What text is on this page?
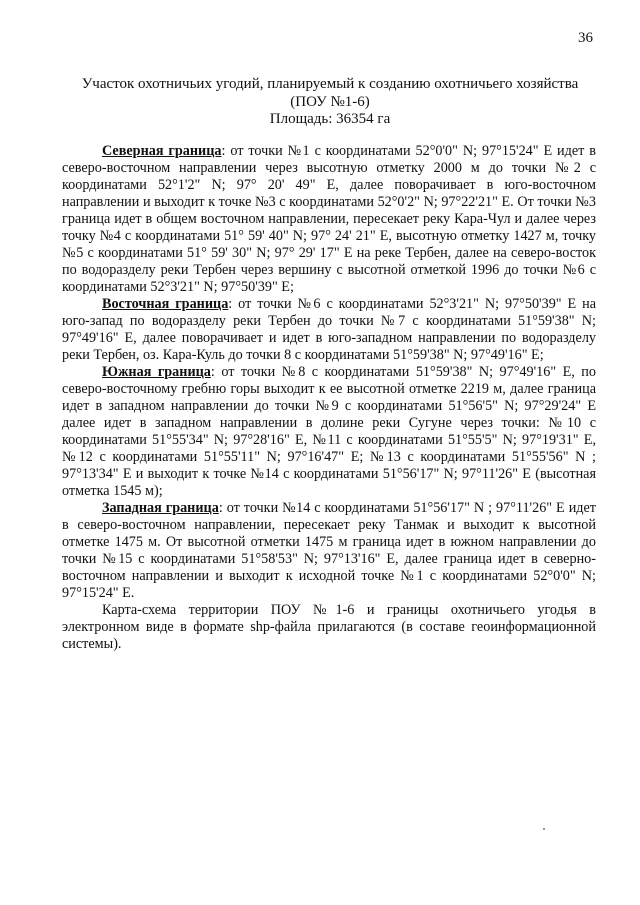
36
Участок охотничьих угодий, планируемый к созданию охотничьего хозяйства
(ПОУ №1-6)
Площадь: 36354 га

Северная граница: от точки №1 с координатами 52°0'0" N; 97°15'24" E идет в северо-восточном направлении через высотную отметку 2000 м до точки №2 с координатами 52°1'2" N; 97° 20' 49" E, далее поворачивает в юго-восточном направлении и выходит к точке №3 с координатами 52°0'2" N; 97°22'21" E. От точки №3 граница идет в общем восточном направлении, пересекает реку Кара-Чул и далее через точку №4 с координатами 51° 59' 40" N; 97° 24' 21" E, высотную отметку 1427 м, точку №5 с координатами 51° 59' 30" N; 97° 29' 17" E на реке Тербен, далее на северо-восток по водоразделу реки Тербен через вершину с высотной отметкой 1996 до точки №6 с координатами 52°3'21" N; 97°50'39" E;

Восточная граница: от точки №6 с координатами 52°3'21" N; 97°50'39" E на юго-запад по водоразделу реки Тербен до точки №7 с координатами 51°59'38" N; 97°49'16" E, далее поворачивает и идет в юго-западном направлении по водоразделу реки Тербен, оз. Кара-Куль до точки 8 с координатами 51°59'38" N; 97°49'16" E;

Южная граница: от точки №8 с координатами 51°59'38" N; 97°49'16" E, по северо-восточному гребню горы выходит к ее высотной отметке 2219 м, далее граница идет в западном направлении до точки №9 с координатами 51°56'5" N; 97°29'24" E далее идет в западном направлении в долине реки Сугуне через точки: №10 с координатами 51°55'34" N; 97°28'16" E, №11 с координатами 51°55'5" N; 97°19'31" E, №12 с координатами 51°55'11" N; 97°16'47" E; №13 с координатами 51°55'56" N ; 97°13'34" E и выходит к точке №14 с координатами 51°56'17" N; 97°11'26" E (высотная отметка 1545 м);

Западная граница: от точки №14 с координатами 51°56'17" N ; 97°11'26" E идет в северо-восточном направлении, пересекает реку Танмак и выходит к высотной отметке 1475 м. От высотной отметки 1475 м граница идет в южном направлении до точки №15 с координатами 51°58'53" N; 97°13'16" E, далее граница идет в северно-восточном направлении и выходит к исходной точке №1 с координатами 52°0'0" N; 97°15'24" E.

Карта-схема территории ПОУ №1-6 и границы охотничьего угодья в электронном виде в формате shp-файла прилагаются (в составе геоинформационной системы).
